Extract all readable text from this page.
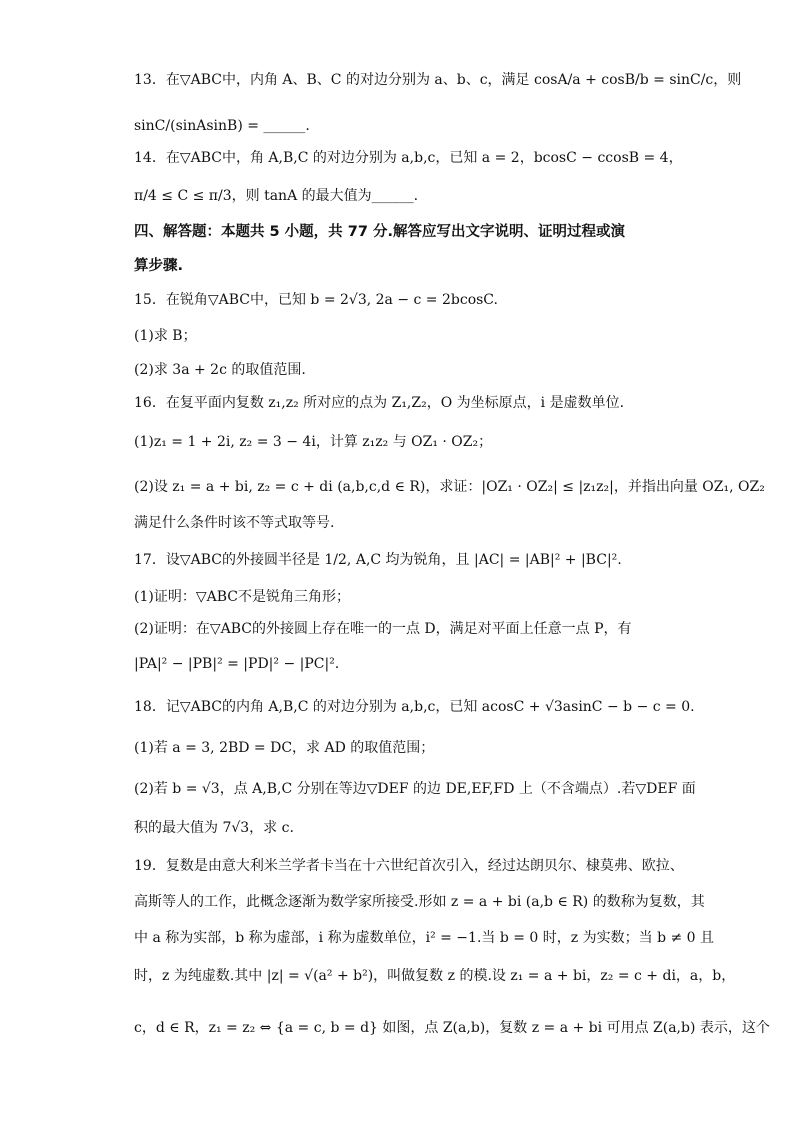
13．在▽ABC中，内角 A、B、C 的对边分别为 a、b、c，满足 cosA/a + cosB/b = sinC/c，则
sinC/(sinAsinB) = ______.
14．在▽ABC中，角 A,B,C 的对边分别为 a,b,c，已知 a = 2，bcosC − ccosB = 4，
π/4 ≤ C ≤ π/3，则 tanA 的最大值为______.
四、解答题：本题共 5 小题，共 77 分.解答应写出文字说明、证明过程或演
算步骤.
15．在锐角▽ABC中，已知 b = 2√3, 2a − c = 2bcosC.
(1)求 B；
(2)求 3a + 2c 的取值范围.
16．在复平面内复数 z₁,z₂ 所对应的点为 Z₁,Z₂，O 为坐标原点，i 是虚数单位.
(1)z₁ = 1 + 2i, z₂ = 3 − 4i，计算 z₁z₂ 与 OZ₁ · OZ₂；
(2)设 z₁ = a + bi, z₂ = c + di (a,b,c,d ∈ R)，求证：|OZ₁ · OZ₂| ≤ |z₁z₂|，并指出向量 OZ₁, OZ₂
满足什么条件时该不等式取等号.
17．设▽ABC的外接圆半径是 1/2, A,C 均为锐角，且 |AC| = |AB|² + |BC|².
(1)证明：▽ABC不是锐角三角形；
(2)证明：在▽ABC的外接圆上存在唯一的一点 D，满足对平面上任意一点 P，有
|PA|² − |PB|² = |PD|² − |PC|².
18．记▽ABC的内角 A,B,C 的对边分别为 a,b,c，已知 acosC + √3asinC − b − c = 0.
(1)若 a = 3, 2BD = DC，求 AD 的取值范围；
(2)若 b = √3，点 A,B,C 分别在等边▽DEF 的边 DE,EF,FD 上（不含端点）.若▽DEF 面
积的最大值为 7√3，求 c.
19．复数是由意大利米兰学者卡当在十六世纪首次引入，经过达朗贝尔、棣莫弗、欧拉、
高斯等人的工作，此概念逐渐为数学家所接受.形如 z = a + bi (a,b ∈ R) 的数称为复数，其
中 a 称为实部，b 称为虚部，i 称为虚数单位，i² = −1.当 b = 0 时，z 为实数；当 b ≠ 0 且
时，z 为纯虚数.其中 |z| = √(a² + b²)，叫做复数 z 的模.设 z₁ = a + bi，z₂ = c + di，a，b，
c，d ∈ R，z₁ = z₂ ⇔ {a = c, b = d} 如图，点 Z(a,b)，复数 z = a + bi 可用点 Z(a,b) 表示，这个
